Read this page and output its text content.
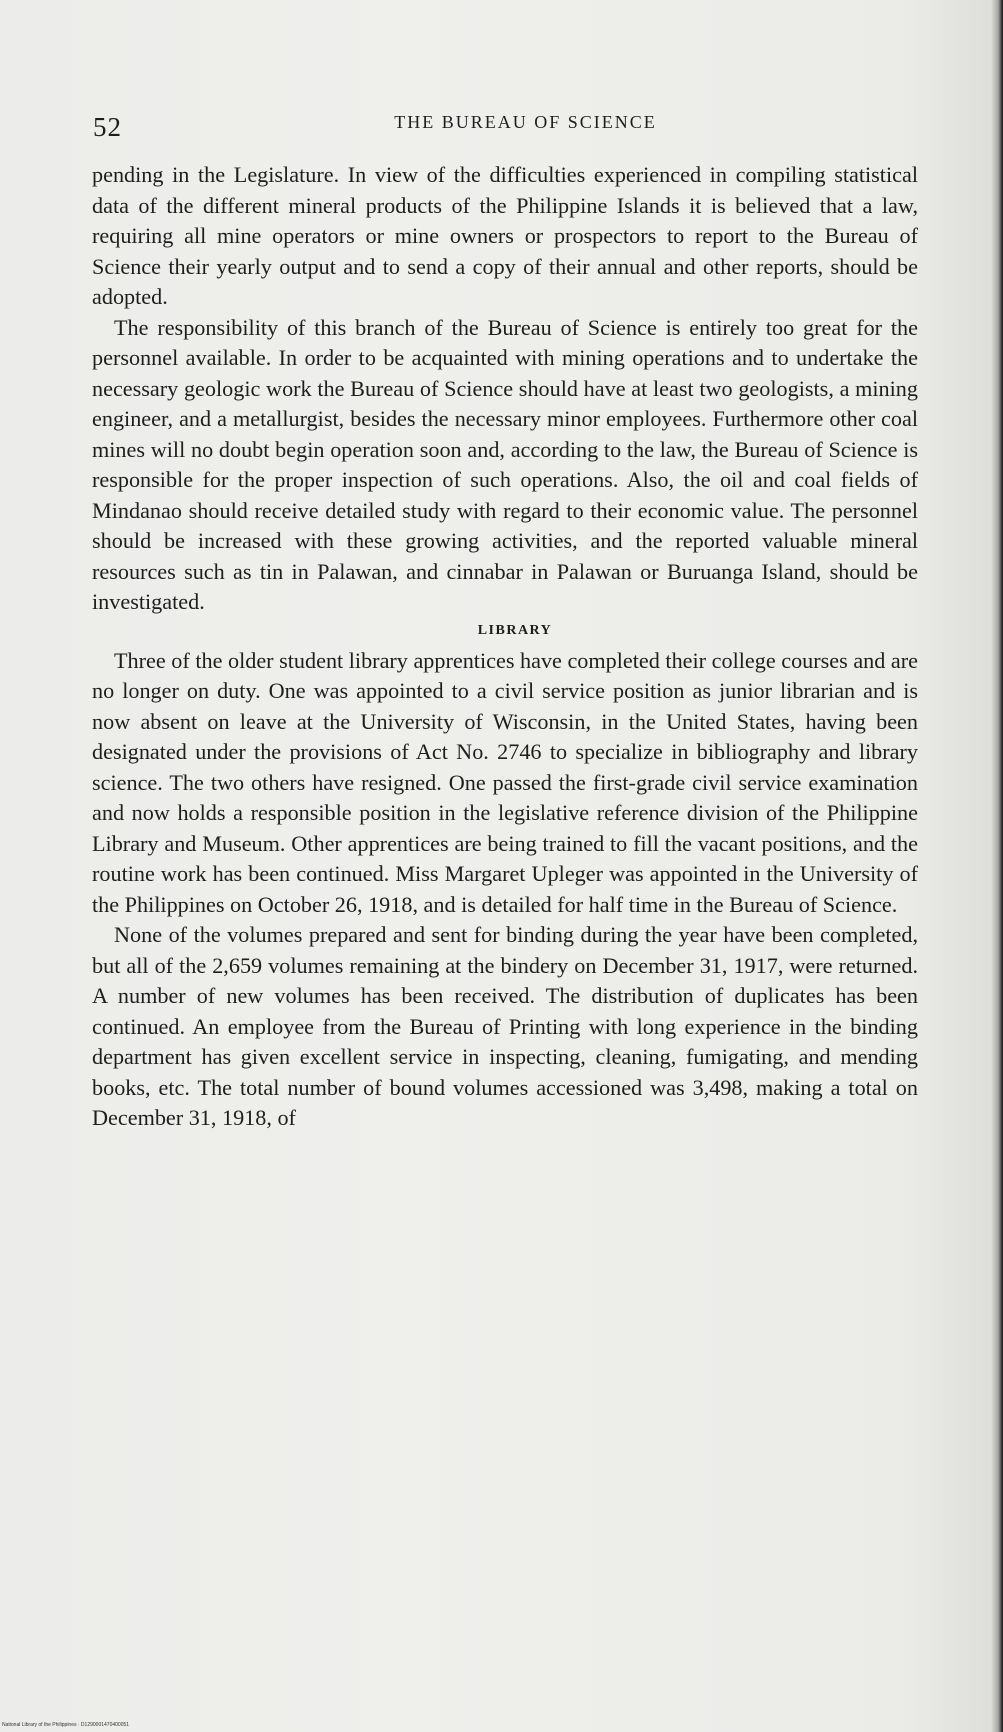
52	THE BUREAU OF SCIENCE

pending in the Legislature. In view of the difficulties experienced in compiling statistical data of the different mineral products of the Philippine Islands it is believed that a law, requiring all mine operators or mine owners or prospectors to report to the Bureau of Science their yearly output and to send a copy of their annual and other reports, should be adopted.

The responsibility of this branch of the Bureau of Science is entirely too great for the personnel available. In order to be acquainted with mining operations and to undertake the necessary geologic work the Bureau of Science should have at least two geologists, a mining engineer, and a metallurgist, besides the necessary minor employees. Furthermore other coal mines will no doubt begin operation soon and, according to the law, the Bureau of Science is responsible for the proper inspection of such operations. Also, the oil and coal fields of Mindanao should receive detailed study with regard to their economic value. The personnel should be increased with these growing activities, and the reported valuable mineral resources such as tin in Palawan, and cinnabar in Palawan or Buruanga Island, should be investigated.

LIBRARY

Three of the older student library apprentices have completed their college courses and are no longer on duty. One was appointed to a civil service position as junior librarian and is now absent on leave at the University of Wisconsin, in the United States, having been designated under the provisions of Act No. 2746 to specialize in bibliography and library science. The two others have resigned. One passed the first-grade civil service examination and now holds a responsible position in the legislative reference division of the Philippine Library and Museum. Other apprentices are being trained to fill the vacant positions, and the routine work has been continued. Miss Margaret Upleger was appointed in the University of the Philippines on October 26, 1918, and is detailed for half time in the Bureau of Science.

None of the volumes prepared and sent for binding during the year have been completed, but all of the 2,659 volumes remaining at the bindery on December 31, 1917, were returned. A number of new volumes has been received. The distribution of duplicates has been continued. An employee from the Bureau of Printing with long experience in the binding department has given excellent service in inspecting, cleaning, fumigating, and mending books, etc. The total number of bound volumes accessioned was 3,498, making a total on December 31, 1918, of

National Library of the Philippines · D1290001470400051
